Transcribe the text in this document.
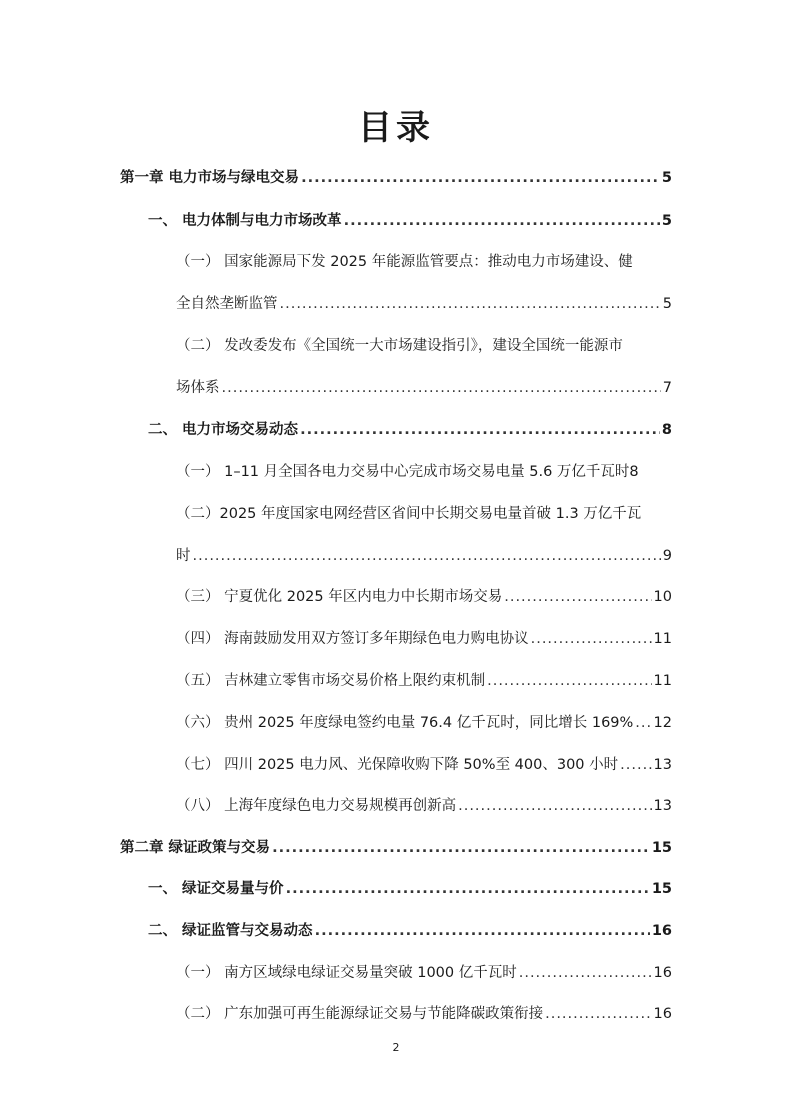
目录
第一章 电力市场与绿电交易 .....	5
一、 电力体制与电力市场改革 .....	5
（一） 国家能源局下发 2025 年能源监管要点：推动电力市场建设、健
全自然垄断监管 .....	5
（二） 发改委发布《全国统一大市场建设指引》，建设全国统一能源市
场体系 .....	7
二、 电力市场交易动态 .....	8
（一） 1–11 月全国各电力交易中心完成市场交易电量 5.6 万亿千瓦时 8
（二）2025 年度国家电网经营区省间中长期交易电量首破 1.3 万亿千瓦
时 .....	9
（三） 宁夏优化 2025 年区内电力中长期市场交易 .....	10
（四） 海南鼓励发用双方签订多年期绿色电力购电协议 .....	11
（五） 吉林建立零售市场交易价格上限约束机制 .....	11
（六） 贵州 2025 年度绿电签约电量 76.4 亿千瓦时，同比增长 169% ..... 12
（七） 四川 2025 电力风、光保障收购下降 50%至 400、300 小时 ..... 13
（八） 上海年度绿色电力交易规模再创新高 .....	13
第二章 绿证政策与交易 .....	15
一、 绿证交易量与价 .....	15
二、 绿证监管与交易动态 .....	16
（一） 南方区域绿电绿证交易量突破 1000 亿千瓦时 .....	16
（二） 广东加强可再生能源绿证交易与节能降碳政策衔接 .....	16
2
